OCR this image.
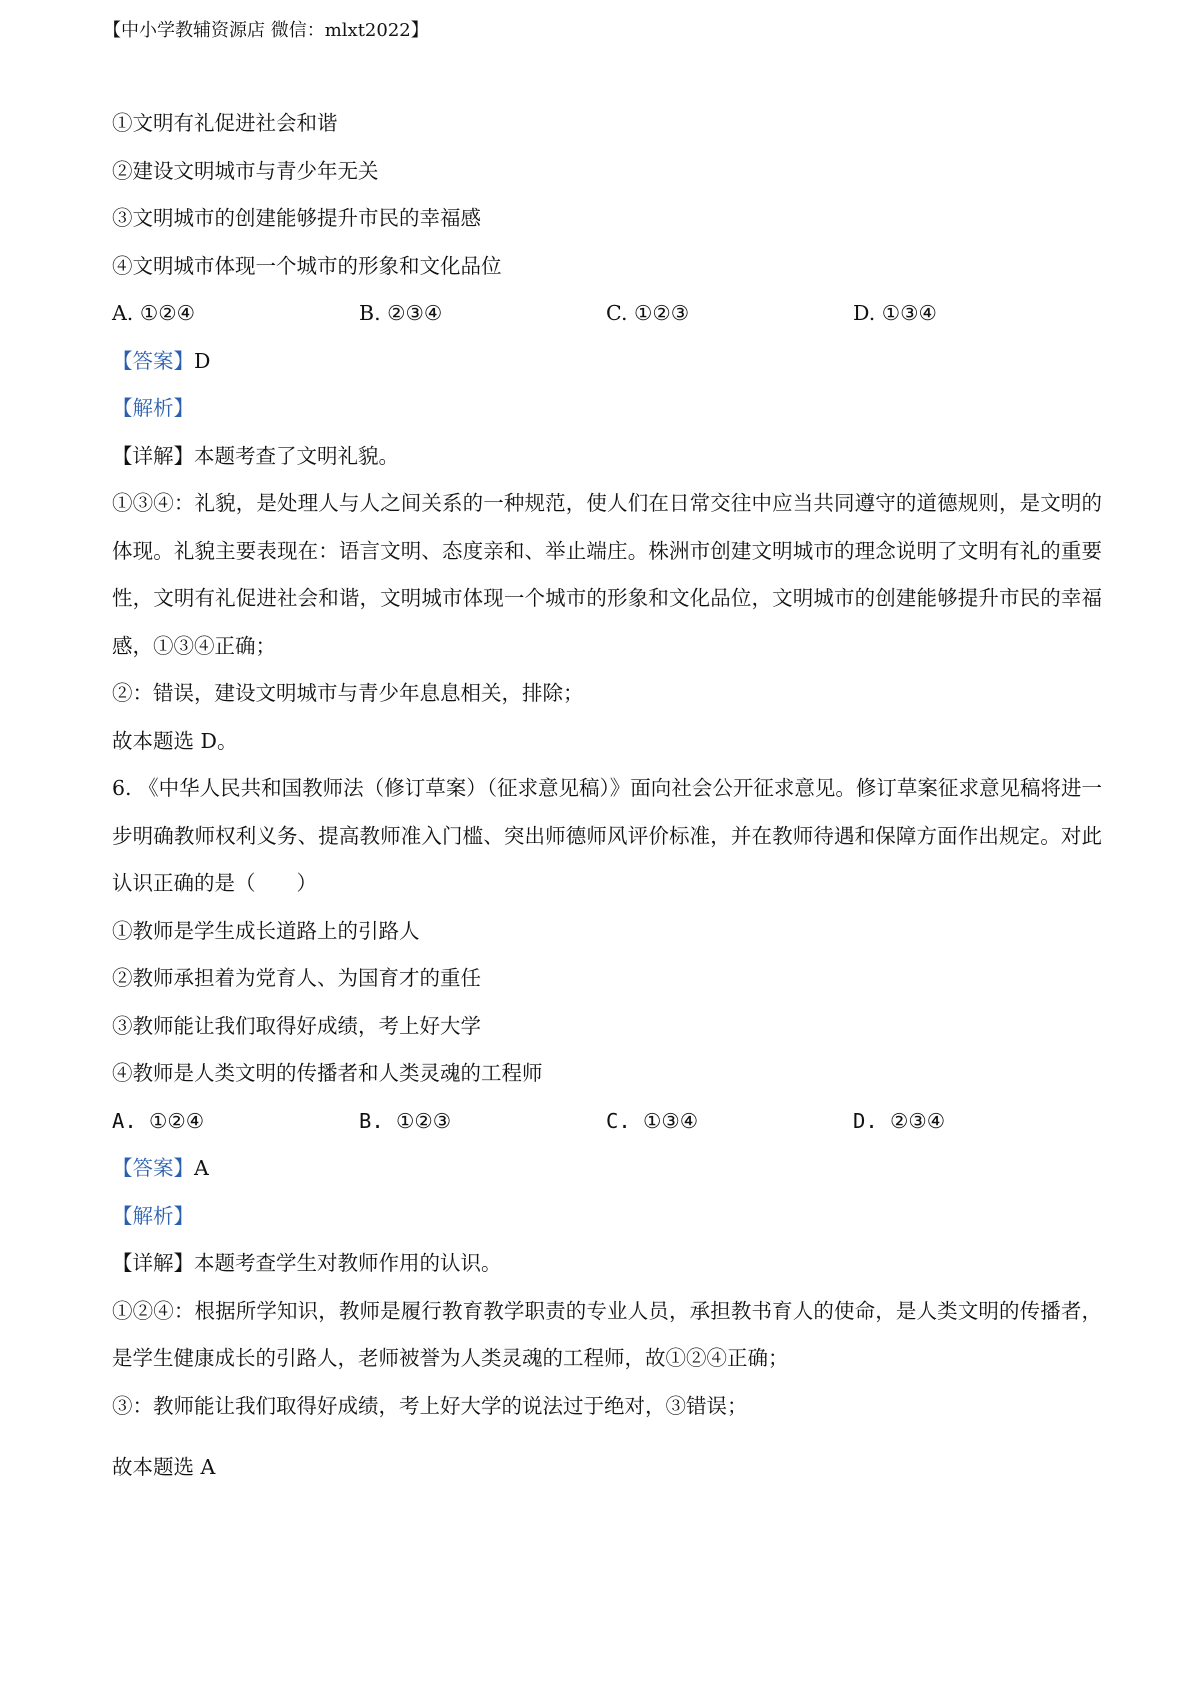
【中小学教辅资源店 微信：mlxt2022】

①文明有礼促进社会和谐

②建设文明城市与青少年无关

③文明城市的创建能够提升市民的幸福感

④文明城市体现一个城市的形象和文化品位

A. ①②④	B. ②③④	C. ①②③	D. ①③④

【答案】D

【解析】

【详解】本题考查了文明礼貌。

①③④：礼貌，是处理人与人之间关系的一种规范，使人们在日常交往中应当共同遵守的道德规则，是文明的体现。礼貌主要表现在：语言文明、态度亲和、举止端庄。株洲市创建文明城市的理念说明了文明有礼的重要性，文明有礼促进社会和谐，文明城市体现一个城市的形象和文化品位，文明城市的创建能够提升市民的幸福感，①③④正确；

②：错误，建设文明城市与青少年息息相关，排除；

故本题选 D。

6. 《中华人民共和国教师法（修订草案）（征求意见稿）》面向社会公开征求意见。修订草案征求意见稿将进一步明确教师权利义务、提高教师准入门槛、突出师德师风评价标准，并在教师待遇和保障方面作出规定。对此认识正确的是（　　）

①教师是学生成长道路上的引路人

②教师承担着为党育人、为国育才的重任

③教师能让我们取得好成绩，考上好大学

④教师是人类文明的传播者和人类灵魂的工程师

A. ①②④	B. ①②③	C. ①③④	D. ②③④

【答案】A

【解析】

【详解】本题考查学生对教师作用的认识。

①②④：根据所学知识，教师是履行教育教学职责的专业人员，承担教书育人的使命，是人类文明的传播者，是学生健康成长的引路人，老师被誉为人类灵魂的工程师，故①②④正确；

③：教师能让我们取得好成绩，考上好大学的说法过于绝对，③错误；

故本题选 A
